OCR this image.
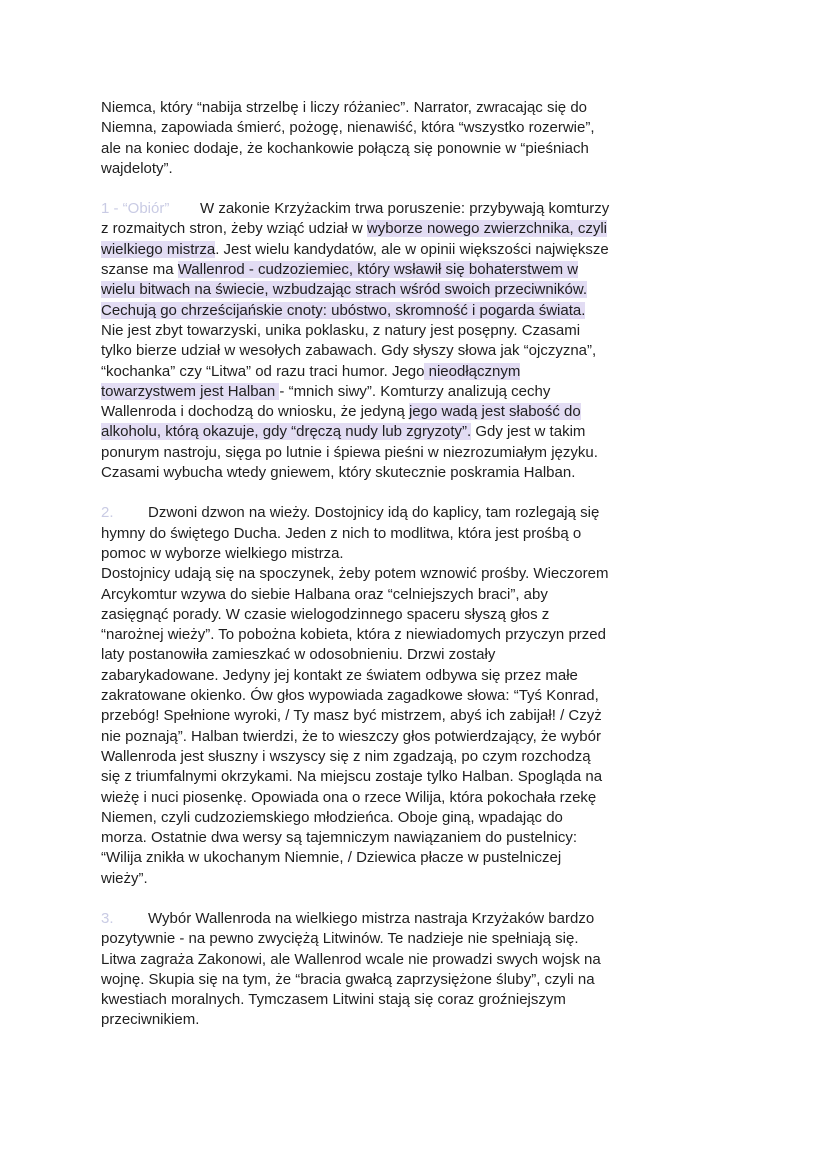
Niemca, który “nabija strzelbę i liczy różaniec”. Narrator, zwracając się do Niemna, zapowiada śmierć, pożogę, nienawiść, która “wszystko rozerwie”, ale na koniec dodaje, że kochankowie połączą się ponownie w “pieśniach wajdeloty”.

1 - “Obiór” W zakonie Krzyżackim trwa poruszenie: przybywają komturzy z rozmaitych stron, żeby wziąć udział w wyborze nowego zwierzchnika, czyli wielkiego mistrza. Jest wielu kandydatów, ale w opinii większości największe szanse ma Wallenrod - cudzoziemiec, który wsławił się bohaterstwem w wielu bitwach na świecie, wzbudzając strach wśród swoich przeciwników. Cechują go chrześcijańskie cnoty: ubóstwo, skromność i pogarda świata. Nie jest zbyt towarzyski, unika poklasku, z natury jest posępny. Czasami tylko bierze udział w wesołych zabawach. Gdy słyszy słowa jak “ojczyzna”, “kochanka” czy “Litwa” od razu traci humor. Jego nieodłącznym towarzystwem jest Halban - “mnich siwy”. Komturzy analizują cechy Wallenroda i dochodzą do wniosku, że jedyną jego wadą jest słabość do alkoholu, którą okazuje, gdy “dręczą nudy lub zgryzoty”. Gdy jest w takim ponurym nastroju, sięga po lutnie i śpiewa pieśni w niezrozumiałym języku. Czasami wybucha wtedy gniewem, który skutecznie poskramia Halban.

2. Dzwoni dzwon na wieży. Dostojnicy idą do kaplicy, tam rozlegają się hymny do świętego Ducha. Jeden z nich to modlitwa, która jest prośbą o pomoc w wyborze wielkiego mistrza.
Dostojnicy udają się na spoczynek, żeby potem wznowić prośby. Wieczorem Arcykomtur wzywa do siebie Halbana oraz “celniejszych braci”, aby zasięgnąć porady. W czasie wielogodzinnego spaceru słyszą głos z “narożnej wieży”. To pobożna kobieta, która z niewiadomych przyczyn przed laty postanowiła zamieszkać w odosobnieniu. Drzwi zostały zabarykadowane. Jedyny jej kontakt ze światem odbywa się przez małe zakratowane okienko. Ów głos wypowiada zagadkowe słowa: “Tyś Konrad, przebóg! Spełnione wyroki, / Ty masz być mistrzem, abyś ich zabijał! / Czyż nie poznają”. Halban twierdzi, że to wieszczy głos potwierdzający, że wybór Wallenroda jest słuszny i wszyscy się z nim zgadzają, po czym rozchodzą się z triumfalnymi okrzykami. Na miejscu zostaje tylko Halban. Spogląda na wieżę i nuci piosenkę. Opowiada ona o rzece Wilija, która pokochała rzekę Niemen, czyli cudzoziemskiego młodzieńca. Oboje giną, wpadając do morza. Ostatnie dwa wersy są tajemniczym nawiązaniem do pustelnicy: “Wilija znikła w ukochanym Niemnie, / Dziewica płacze w pustelniczej wieży”.

3. Wybór Wallenroda na wielkiego mistrza nastraja Krzyżaków bardzo pozytywnie - na pewno zwyciężą Litwinów. Te nadzieje nie spełniają się. Litwa zagraża Zakonowi, ale Wallenrod wcale nie prowadzi swych wojsk na wojnę. Skupia się na tym, że “bracia gwałcą zaprzysiężone śluby”, czyli na kwestiach moralnych. Tymczasem Litwini stają się coraz groźniejszym przeciwnikiem.
